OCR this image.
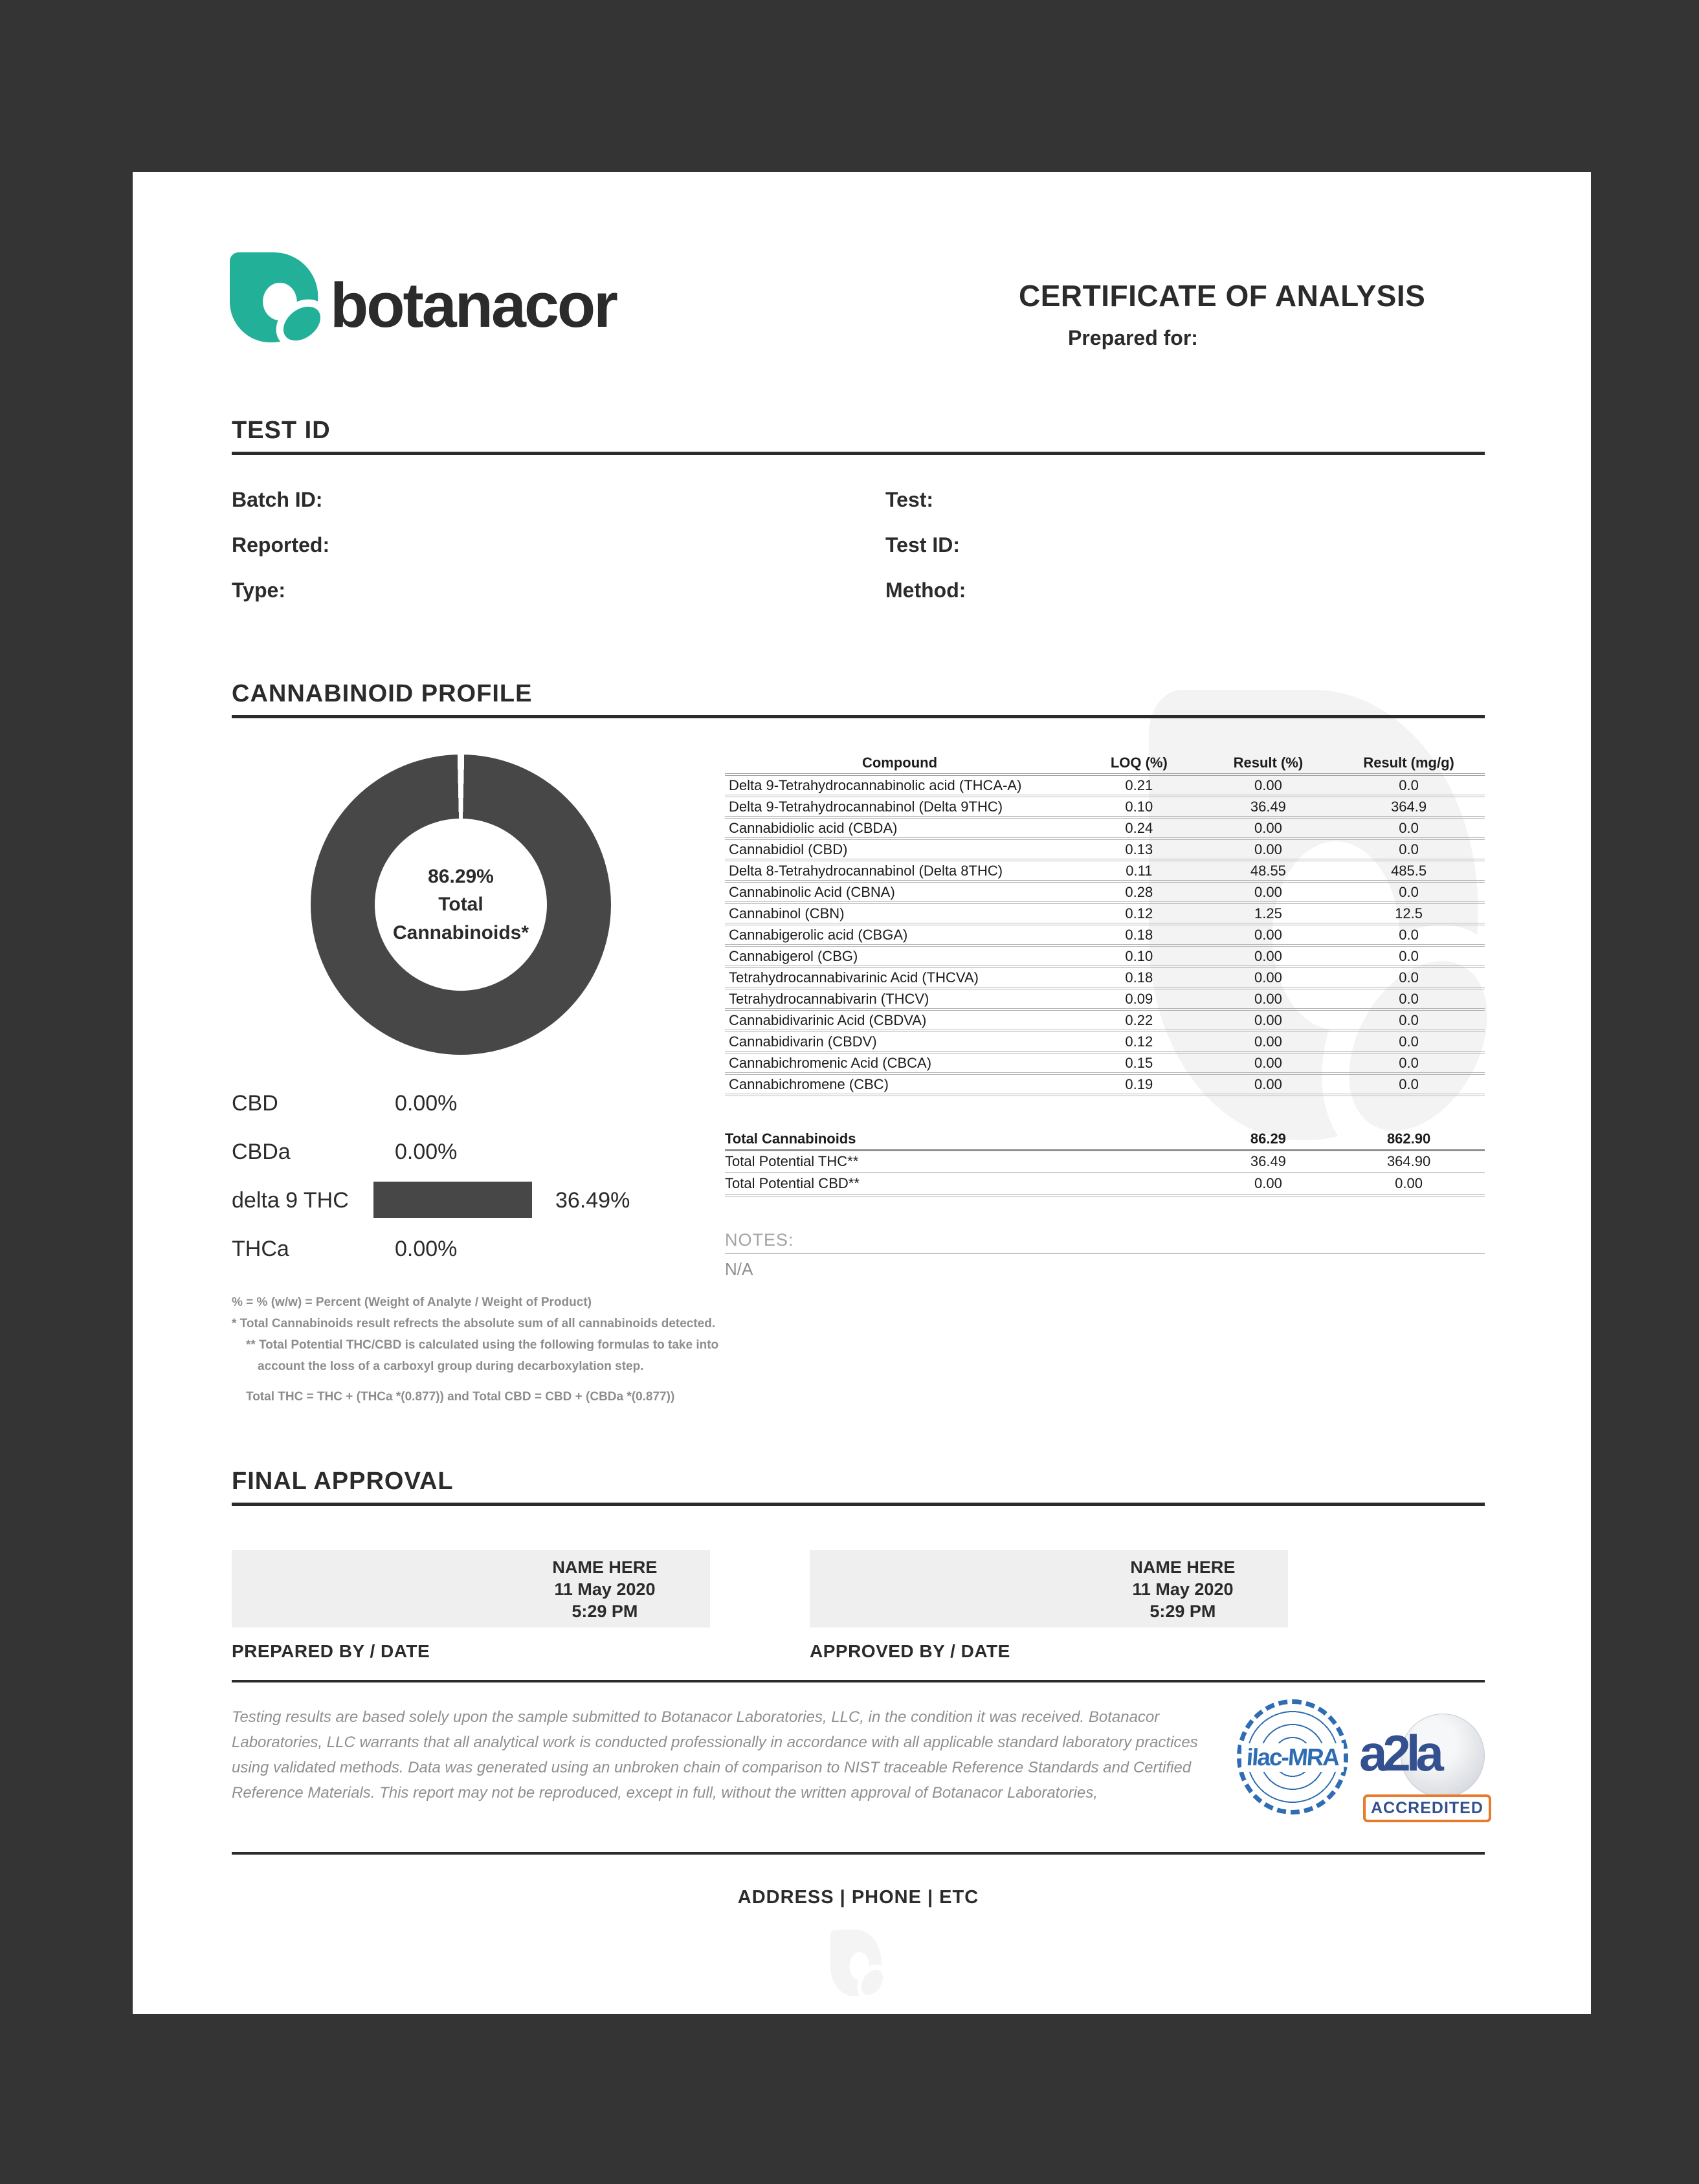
botanacor	CERTIFICATE OF ANALYSIS
Prepared for:
TEST ID
Batch ID:
Reported:
Type:
Test:
Test ID:
Method:
CANNABINOID PROFILE
86.29%
Total
Cannabinoids*
CBD	0.00%
CBDa	0.00%
delta 9 THC	36.49%
THCa	0.00%
% = % (w/w) = Percent (Weight of Analyte / Weight of Product)
* Total Cannabinoids result refrects the absolute sum of all cannabinoids detected.
** Total Potential THC/CBD is calculated using the following formulas to take into
account the loss of a carboxyl group during decarboxylation step.
Total THC = THC + (THCa *(0.877)) and Total CBD = CBD + (CBDa *(0.877))
Compound	LOQ (%)	Result (%)	Result (mg/g)
Delta 9-Tetrahydrocannabinolic acid (THCA-A)	0.21	0.00	0.0
Delta 9-Tetrahydrocannabinol (Delta 9THC)	0.10	36.49	364.9
Cannabidiolic acid (CBDA)	0.24	0.00	0.0
Cannabidiol (CBD)	0.13	0.00	0.0
Delta 8-Tetrahydrocannabinol (Delta 8THC)	0.11	48.55	485.5
Cannabinolic Acid (CBNA)	0.28	0.00	0.0
Cannabinol (CBN)	0.12	1.25	12.5
Cannabigerolic acid (CBGA)	0.18	0.00	0.0
Cannabigerol (CBG)	0.10	0.00	0.0
Tetrahydrocannabivarinic Acid (THCVA)	0.18	0.00	0.0
Tetrahydrocannabivarin (THCV)	0.09	0.00	0.0
Cannabidivarinic Acid (CBDVA)	0.22	0.00	0.0
Cannabidivarin (CBDV)	0.12	0.00	0.0
Cannabichromenic Acid (CBCA)	0.15	0.00	0.0
Cannabichromene (CBC)	0.19	0.00	0.0
Total Cannabinoids	86.29	862.90
Total Potential THC**	36.49	364.90
Total Potential CBD**	0.00	0.00
NOTES:
N/A
FINAL APPROVAL
NAME HERE
11 May 2020
5:29 PM
NAME HERE
11 May 2020
5:29 PM
PREPARED BY / DATE	APPROVED BY / DATE
Testing results are based solely upon the sample submitted to Botanacor Laboratories, LLC, in the condition it was received. Botanacor Laboratories, LLC warrants that all analytical work is conducted professionally in accordance with all applicable standard laboratory practices using validated methods. Data was generated using an unbroken chain of comparison to NIST traceable Reference Standards and Certified Reference Materials. This report may not be reproduced, except in full, without the written approval of Botanacor Laboratories,
ilac-MRA a2la
ACCREDITED
ADDRESS | PHONE | ETC
